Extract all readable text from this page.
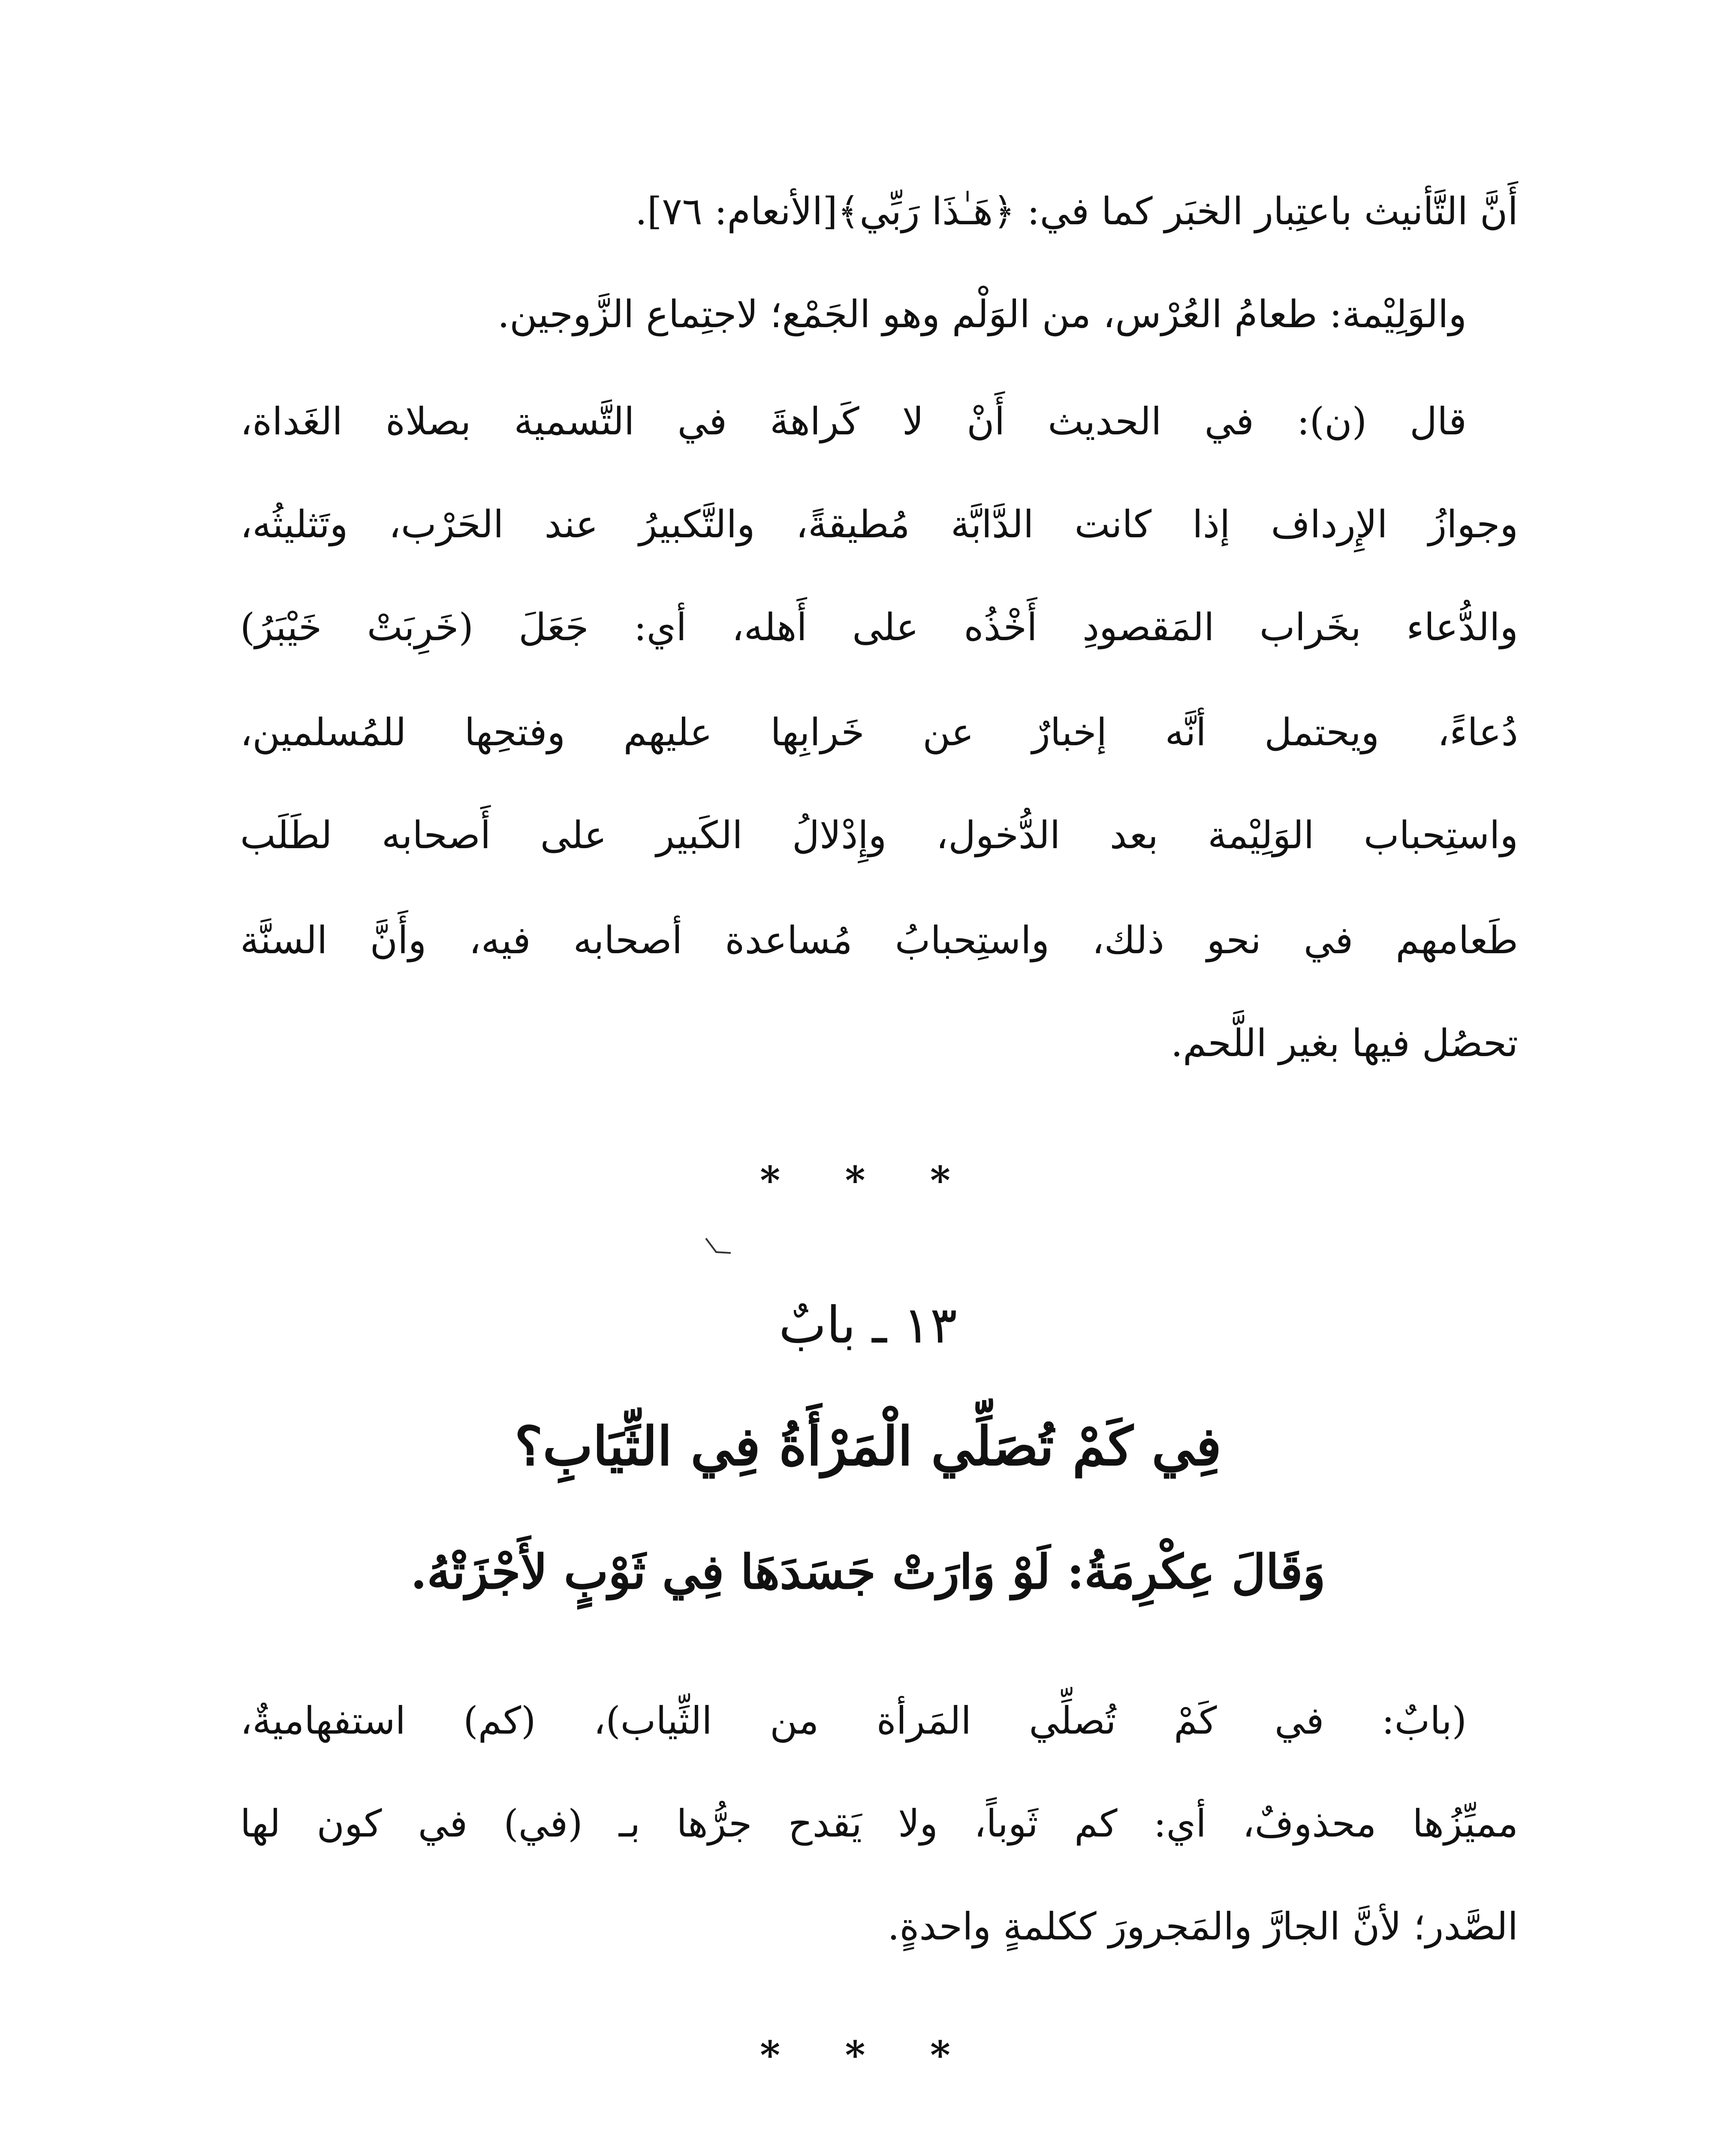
أَنَّ التَّأنيث باعتِبار الخبَر كما في: ﴿هَـٰذَا رَبِّي﴾[الأنعام: ٧٦].
والوَلِيْمة: طعامُ العُرْس، من الوَلْم وهو الجَمْع؛ لاجتِماع الزَّوجين.
قال (ن): في الحديث أَنْ لا كَراهةَ في التَّسمية بصلاة الغَداة،
وجوازُ الإِرداف إذا كانت الدَّابَّة مُطيقةً، والتَّكبيرُ عند الحَرْب، وتَثليثُه،
والدُّعاء بخَراب المَقصودِ أَخْذُه على أَهله، أي: جَعَلَ (خَرِبَتْ خَيْبَرُ)
دُعاءً، ويحتمل أنَّه إخبارٌ عن خَرابِها عليهم وفتحِها للمُسلمين،
واستِحباب الوَلِيْمة بعد الدُّخول، وإِدْلالُ الكَبير على أَصحابه لطَلَب
طَعامهم في نحو ذلك، واستِحبابُ مُساعدة أصحابه فيه، وأَنَّ السنَّة
تحصُل فيها بغير اللَّحم.
* * *
١٣ ـ بابٌ
فِي كَمْ تُصَلِّي الْمَرْأَةُ فِي الثِّيَابِ؟
وَقَالَ عِكْرِمَةُ: لَوْ وَارَتْ جَسَدَهَا فِي ثَوْبٍ لأَجْزَتْهُ.
(بابٌ: في كَمْ تُصلِّي المَرأة من الثِّياب)، (كم) استفهاميةٌ،
مميِّزُها محذوفٌ، أي: كم ثَوباً، ولا يَقدح جرُّها بـ (في) في كون لها
الصَّدر؛ لأنَّ الجارَّ والمَجرورَ ككلمةٍ واحدةٍ.
* * *
